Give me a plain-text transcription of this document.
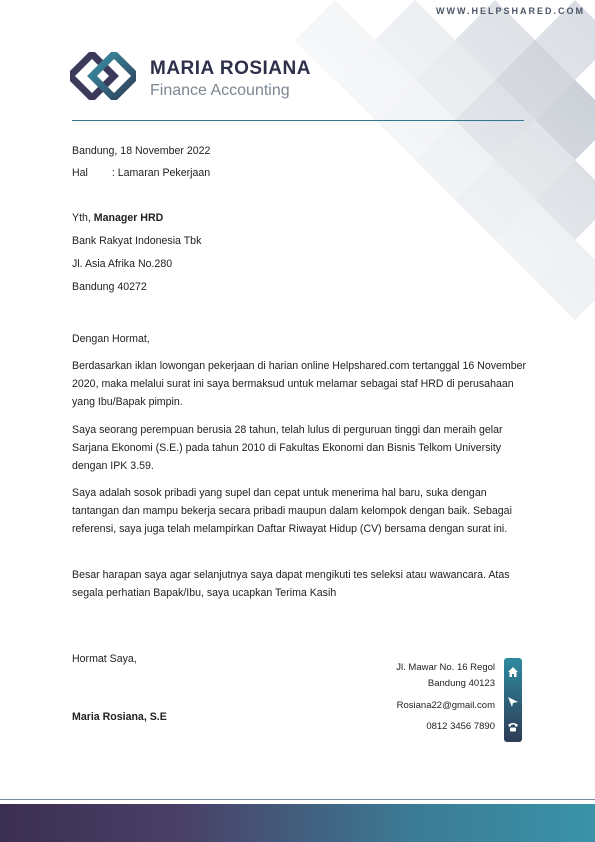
WWW.HELPSHARED.COM
MARIA ROSIANA
Finance Accounting
Bandung, 18 November 2022
Hal : Lamaran Pekerjaan
Yth, Manager HRD
Bank Rakyat Indonesia Tbk
Jl. Asia Afrika No.280
Bandung 40272
Dengan Hormat,
Berdasarkan iklan lowongan pekerjaan di harian online Helpshared.com tertanggal 16 November 2020, maka melalui surat ini saya bermaksud untuk melamar sebagai staf HRD di perusahaan yang Ibu/Bapak pimpin.
Saya seorang perempuan berusia 28 tahun, telah lulus di perguruan tinggi dan meraih gelar Sarjana Ekonomi (S.E.) pada tahun 2010 di Fakultas Ekonomi dan Bisnis Telkom University dengan IPK 3.59.
Saya adalah sosok pribadi yang supel dan cepat untuk menerima hal baru, suka dengan tantangan dan mampu bekerja secara pribadi maupun dalam kelompok dengan baik. Sebagai referensi, saya juga telah melampirkan Daftar Riwayat Hidup (CV) bersama dengan surat ini.
Besar harapan saya agar selanjutnya saya dapat mengikuti tes seleksi atau wawancara. Atas segala perhatian Bapak/Ibu, saya ucapkan Terima Kasih
Hormat Saya,
Maria Rosiana, S.E
Jl. Mawar No. 16 Regol
Bandung 40123
Rosiana22@gmail.com
0812 3456 7890
